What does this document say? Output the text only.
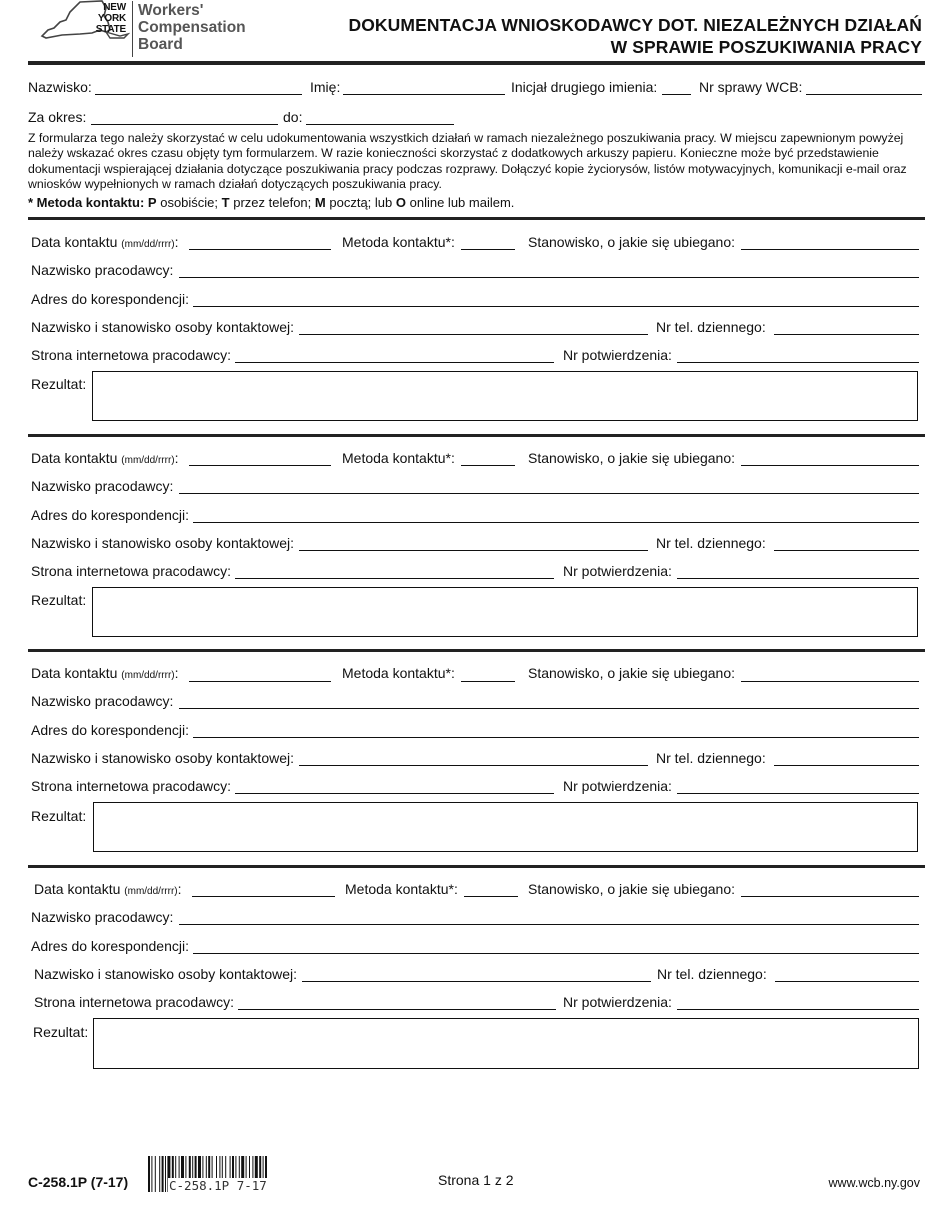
NEW
YORK
STATE
Workers'
Compensation
Board
DOKUMENTACJA WNIOSKODAWCY DOT. NIEZALEŻNYCH DZIAŁAŃ
W SPRAWIE POSZUKIWANIA PRACY
Nazwisko:	Imię:	Inicjał drugiego imienia:	Nr sprawy WCB:
Za okres:	do:
Z formularza tego należy skorzystać w celu udokumentowania wszystkich działań w ramach niezależnego poszukiwania pracy. W miejscu zapewnionym powyżej należy wskazać okres czasu objęty tym formularzem. W razie konieczności skorzystać z dodatkowych arkuszy papieru. Konieczne może być przedstawienie dokumentacji wspierającej działania dotyczące poszukiwania pracy podczas rozprawy. Dołączyć kopie życiorysów, listów motywacyjnych, komunikacji e-mail oraz wniosków wypełnionych w ramach działań dotyczących poszukiwania pracy.
* Metoda kontaktu: P osobiście; T przez telefon; M pocztą; lub O online lub mailem.
Data kontaktu (mm/dd/rrrr):	Metoda kontaktu*:	Stanowisko, o jakie się ubiegano:
Nazwisko pracodawcy:
Adres do korespondencji:
Nazwisko i stanowisko osoby kontaktowej:	Nr tel. dziennego:
Strona internetowa pracodawcy:	Nr potwierdzenia:
Rezultat:
Data kontaktu (mm/dd/rrrr):	Metoda kontaktu*:	Stanowisko, o jakie się ubiegano:
Nazwisko pracodawcy:
Adres do korespondencji:
Nazwisko i stanowisko osoby kontaktowej:	Nr tel. dziennego:
Strona internetowa pracodawcy:	Nr potwierdzenia:
Rezultat:
Data kontaktu (mm/dd/rrrr):	Metoda kontaktu*:	Stanowisko, o jakie się ubiegano:
Nazwisko pracodawcy:
Adres do korespondencji:
Nazwisko i stanowisko osoby kontaktowej:	Nr tel. dziennego:
Strona internetowa pracodawcy:	Nr potwierdzenia:
Rezultat:
Data kontaktu (mm/dd/rrrr):	Metoda kontaktu*:	Stanowisko, o jakie się ubiegano:
Nazwisko pracodawcy:
Adres do korespondencji:
Nazwisko i stanowisko osoby kontaktowej:	Nr tel. dziennego:
Strona internetowa pracodawcy:	Nr potwierdzenia:
Rezultat:
C-258.1P (7-17)	C-258.1P 7-17	Strona 1 z 2	www.wcb.ny.gov
